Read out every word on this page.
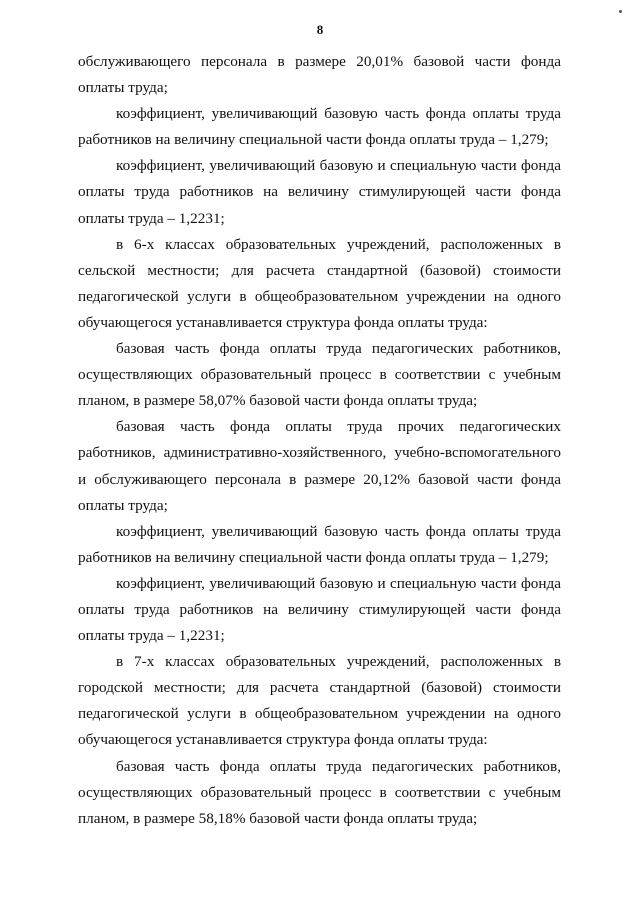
8

обслуживающего персонала в размере 20,01% базовой части фонда оплаты труда;

коэффициент, увеличивающий базовую часть фонда оплаты труда работников на величину специальной части фонда оплаты труда – 1,279;

коэффициент, увеличивающий базовую и специальную части фонда оплаты труда работников на величину стимулирующей части фонда оплаты труда – 1,2231;

в 6-х классах образовательных учреждений, расположенных в сельской местности; для расчета стандартной (базовой) стоимости педагогической услуги в общеобразовательном учреждении на одного обучающегося устанавливается структура фонда оплаты труда:

базовая часть фонда оплаты труда педагогических работников, осуществляющих образовательный процесс в соответствии с учебным планом, в размере 58,07% базовой части фонда оплаты труда;

базовая часть фонда оплаты труда прочих педагогических работников, административно-хозяйственного, учебно-вспомогательного и обслуживающего персонала в размере 20,12% базовой части фонда оплаты труда;

коэффициент, увеличивающий базовую часть фонда оплаты труда работников на величину специальной части фонда оплаты труда – 1,279;

коэффициент, увеличивающий базовую и специальную части фонда оплаты труда работников на величину стимулирующей части фонда оплаты труда – 1,2231;

в 7-х классах образовательных учреждений, расположенных в городской местности; для расчета стандартной (базовой) стоимости педагогической услуги в общеобразовательном учреждении на одного обучающегося устанавливается структура фонда оплаты труда:

базовая часть фонда оплаты труда педагогических работников, осуществляющих образовательный процесс в соответствии с учебным планом, в размере 58,18% базовой части фонда оплаты труда;
